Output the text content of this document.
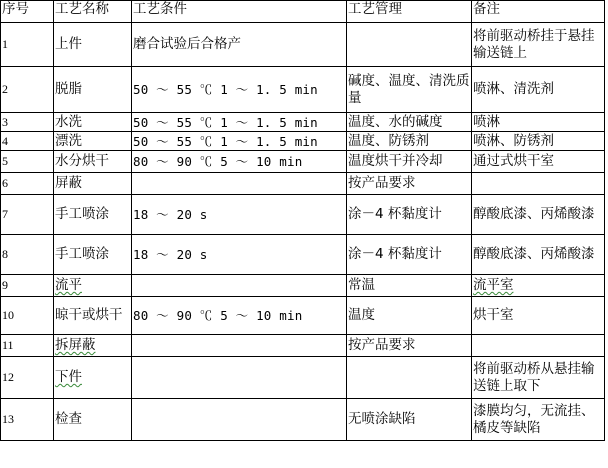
序号	工艺名称	工艺条件	工艺管理	备注
1	上件	磨合试验后合格产		将前驱动桥挂于悬挂输送链上
2	脱脂	50 ～ 55 ℃ 1 ～ 1. 5 min	碱度、温度、清洗质量	喷淋、清洗剂
3	水洗	50 ～ 55 ℃ 1 ～ 1. 5 min	温度、水的碱度	喷淋
4	漂洗	50 ～ 55 ℃ 1 ～ 1. 5 min	温度、防锈剂	喷淋、防锈剂
5	水分烘干	80 ～ 90 ℃ 5 ～ 10 min	温度烘干并冷却	通过式烘干室
6	屏蔽		按产品要求	
7	手工喷涂	18 ～ 20 s	涂－4 杯黏度计	醇酸底漆、丙烯酸漆
8	手工喷涂	18 ～ 20 s	涂－4 杯黏度计	醇酸底漆、丙烯酸漆
9	流平		常温	流平室
10	晾干或烘干	80 ～ 90 ℃ 5 ～ 10 min	温度	烘干室
11	拆屏蔽		按产品要求	
12	下件			将前驱动桥从悬挂输送链上取下
13	检查		无喷涂缺陷	漆膜均匀，无流挂、橘皮等缺陷
